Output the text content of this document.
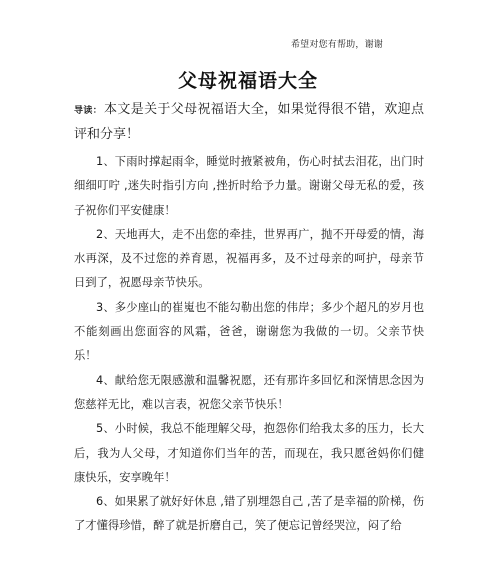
希望对您有帮助，谢谢
父母祝福语大全

导读： 本文是关于父母祝福语大全，如果觉得很不错，欢迎点评和分享！

1、下雨时撑起雨伞，睡觉时掖紧被角，伤心时拭去泪花，出门时细细叮咛 ,迷失时指引方向 ,挫折时给予力量。谢谢父母无私的爱，孩子祝你们平安健康！

2、天地再大，走不出您的牵挂，世界再广，抛不开母爱的情，海水再深，及不过您的养育恩，祝福再多，及不过母亲的呵护，母亲节日到了，祝愿母亲节快乐。

3、多少座山的崔嵬也不能勾勒出您的伟岸；多少个超凡的岁月也不能刻画出您面容的风霜，爸爸，谢谢您为我做的一切。父亲节快乐！

4、献给您无限感激和温馨祝愿，还有那许多回忆和深情思念因为您慈祥无比，难以言表，祝您父亲节快乐！

5、小时候，我总不能理解父母，抱怨你们给我太多的压力，长大后，我为人父母，才知道你们当年的苦，而现在，我只愿爸妈你们健康快乐，安享晚年！

6、如果累了就好好休息 ,错了别埋怨自己 ,苦了是幸福的阶梯，伤了才懂得珍惜，醉了就是折磨自己，笑了便忘记曾经哭泣，闷了给
